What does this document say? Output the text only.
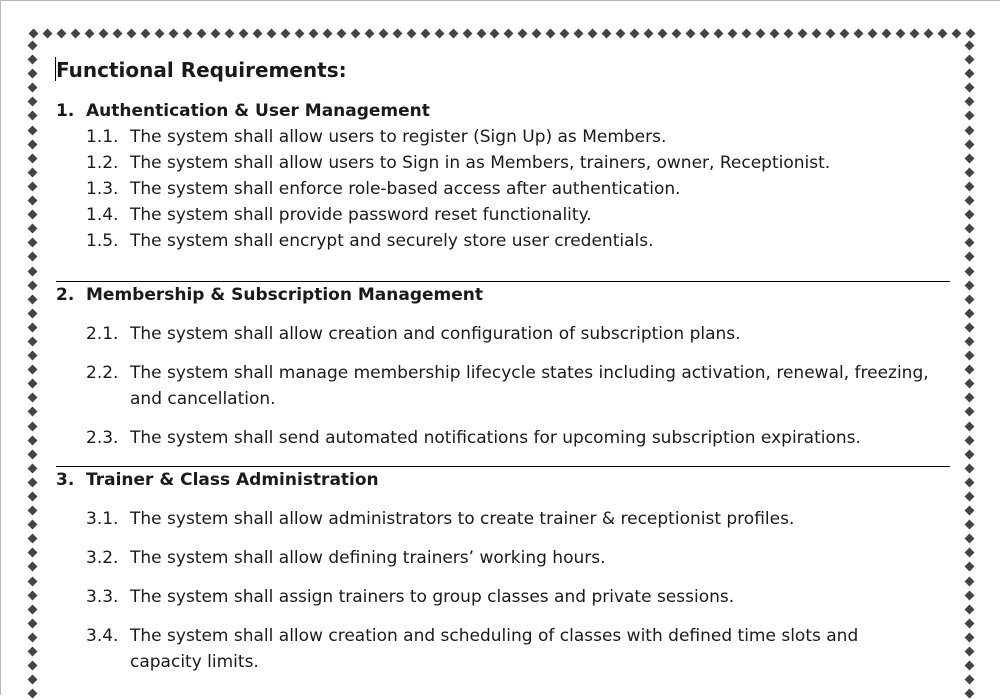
Functional Requirements:
1. Authentication & User Management
1.1. The system shall allow users to register (Sign Up) as Members.
1.2. The system shall allow users to Sign in as Members, trainers, owner, Receptionist.
1.3. The system shall enforce role-based access after authentication.
1.4. The system shall provide password reset functionality.
1.5. The system shall encrypt and securely store user credentials.
2. Membership & Subscription Management
2.1. The system shall allow creation and configuration of subscription plans.
2.2. The system shall manage membership lifecycle states including activation, renewal, freezing, and cancellation.
2.3. The system shall send automated notifications for upcoming subscription expirations.
3. Trainer & Class Administration
3.1. The system shall allow administrators to create trainer & receptionist profiles.
3.2. The system shall allow defining trainers’ working hours.
3.3. The system shall assign trainers to group classes and private sessions.
3.4. The system shall allow creation and scheduling of classes with defined time slots and capacity limits.
